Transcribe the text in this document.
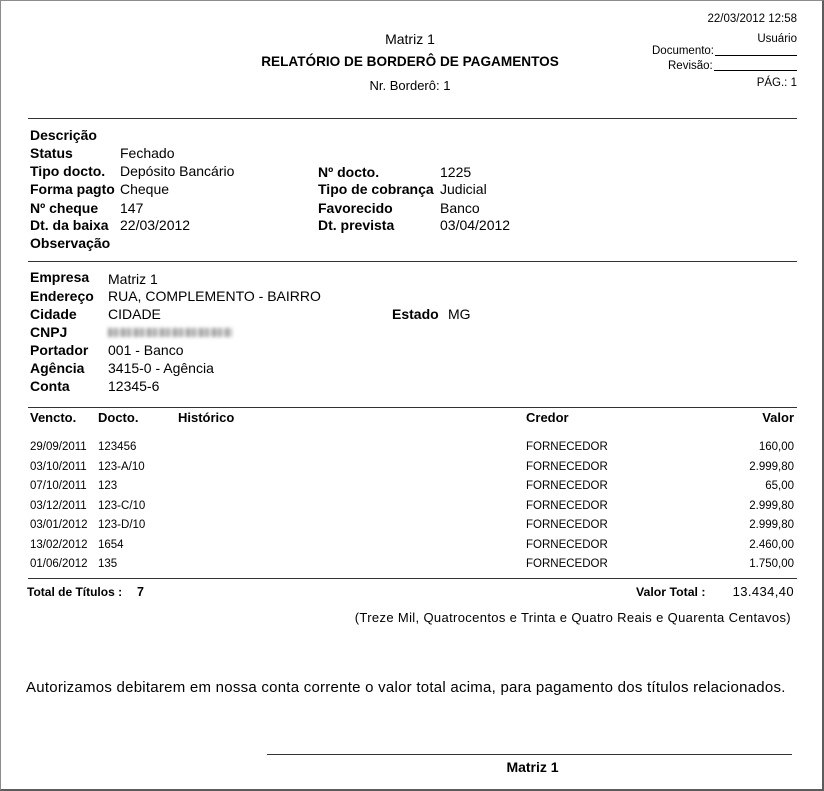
22/03/2012 12:58
Usuário
Documento:
Revisão:
PÁG.: 1
Matriz 1
RELATÓRIO DE BORDERÔ DE PAGAMENTOS
Nr. Borderô: 1
Descrição
Status	Fechado
Tipo docto. Depósito Bancário	Nº docto.	1225
Forma pagto Cheque	Tipo de cobrança Judicial
Nº cheque 147	Favorecido	Banco
Dt. da baixa 22/03/2012	Dt. prevista	03/04/2012
Observação
Empresa Matriz 1
Endereço RUA, COMPLEMENTO - BAIRRO
Cidade CIDADE	Estado MG
CNPJ
Portador 001 - Banco
Agência 3415-0 - Agência
Conta	12345-6
Vencto. Docto.	Histórico	Credor	Valor
29/09/2011 123456	FORNECEDOR	160,00
03/10/2011 123-A/10	FORNECEDOR	2.999,80
07/10/2011 123	FORNECEDOR	65,00
03/12/2011 123-C/10	FORNECEDOR	2.999,80
03/01/2012 123-D/10	FORNECEDOR	2.999,80
13/02/2012 1654	FORNECEDOR	2.460,00
01/06/2012 135	FORNECEDOR	1.750,00
Total de Títulos : 7	Valor Total : 13.434,40
(Treze Mil, Quatrocentos e Trinta e Quatro Reais e Quarenta Centavos)
Autorizamos debitarem em nossa conta corrente o valor total acima, para pagamento dos títulos relacionados.
Matriz 1
